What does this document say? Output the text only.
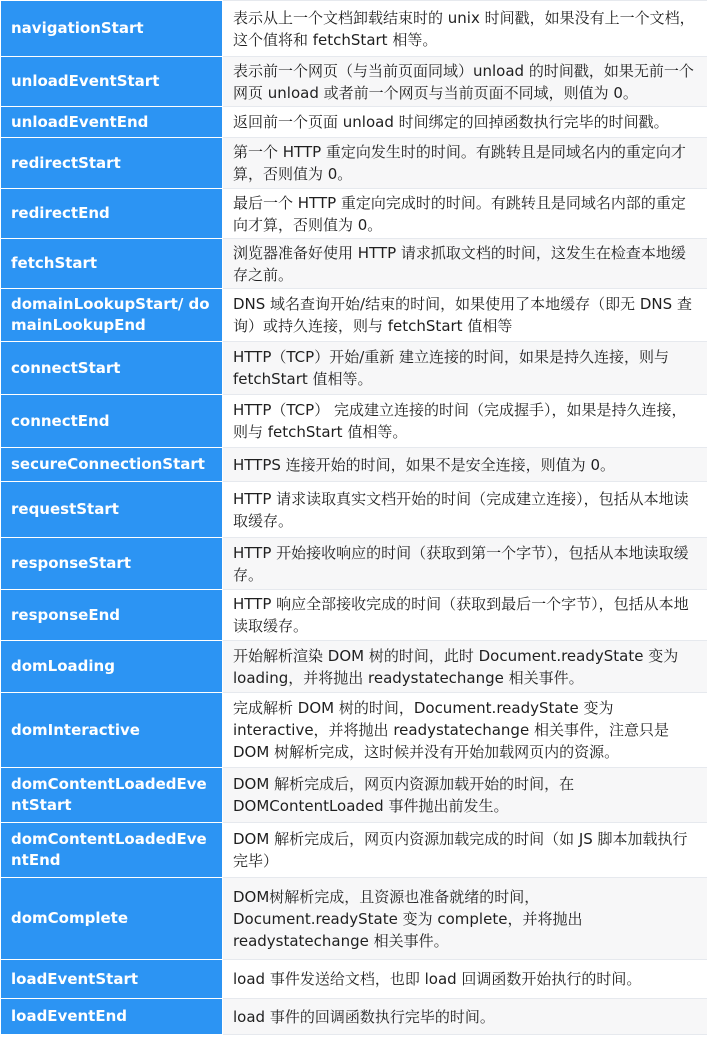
navigationStart	表示从上一个文档卸载结束时的 unix 时间戳，如果没有上一个文档，这个值将和 fetchStart 相等。
unloadEventStart	表示前一个网页（与当前页面同域）unload 的时间戳，如果无前一个网页 unload 或者前一个网页与当前页面不同域，则值为 0。
unloadEventEnd	返回前一个页面 unload 时间绑定的回掉函数执行完毕的时间戳。
redirectStart	第一个 HTTP 重定向发生时的时间。有跳转且是同域名内的重定向才算，否则值为 0。
redirectEnd	最后一个 HTTP 重定向完成时的时间。有跳转且是同域名内部的重定向才算，否则值为 0。
fetchStart	浏览器准备好使用 HTTP 请求抓取文档的时间，这发生在检查本地缓存之前。
domainLookupStart/ domainLookupEnd	DNS 域名查询开始/结束的时间，如果使用了本地缓存（即无 DNS 查询）或持久连接，则与 fetchStart 值相等
connectStart	HTTP（TCP）开始/重新 建立连接的时间，如果是持久连接，则与 fetchStart 值相等。
connectEnd	HTTP（TCP） 完成建立连接的时间（完成握手），如果是持久连接，则与 fetchStart 值相等。
secureConnectionStart	HTTPS 连接开始的时间，如果不是安全连接，则值为 0。
requestStart	HTTP 请求读取真实文档开始的时间（完成建立连接），包括从本地读取缓存。
responseStart	HTTP 开始接收响应的时间（获取到第一个字节），包括从本地读取缓存。
responseEnd	HTTP 响应全部接收完成的时间（获取到最后一个字节），包括从本地读取缓存。
domLoading	开始解析渲染 DOM 树的时间，此时 Document.readyState 变为 loading，并将抛出 readystatechange 相关事件。
domInteractive	完成解析 DOM 树的时间，Document.readyState 变为 interactive，并将抛出 readystatechange 相关事件，注意只是 DOM 树解析完成，这时候并没有开始加载网页内的资源。
domContentLoadedEventStart	DOM 解析完成后，网页内资源加载开始的时间，在 DOMContentLoaded 事件抛出前发生。
domContentLoadedEventEnd	DOM 解析完成后，网页内资源加载完成的时间（如 JS 脚本加载执行完毕）
domComplete	DOM树解析完成，且资源也准备就绪的时间，Document.readyState 变为 complete，并将抛出 readystatechange 相关事件。
loadEventStart	load 事件发送给文档，也即 load 回调函数开始执行的时间。
loadEventEnd	load 事件的回调函数执行完毕的时间。
